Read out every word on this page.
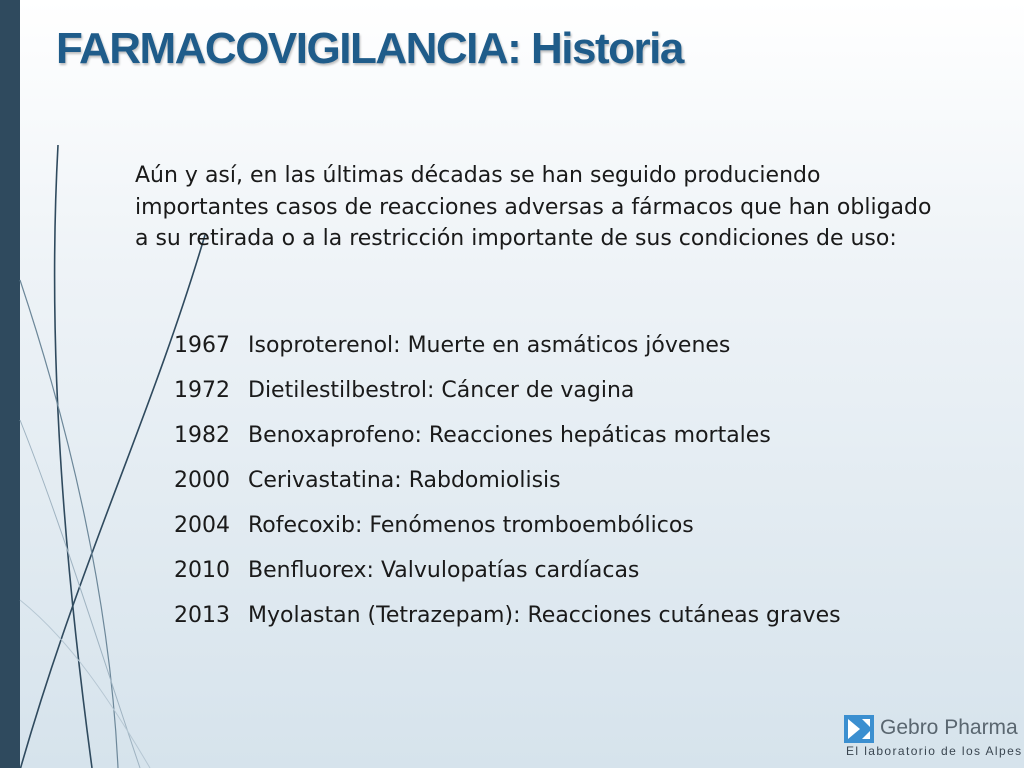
FARMACOVIGILANCIA: Historia

Aún y así, en las últimas décadas se han seguido produciendo importantes casos de reacciones adversas a fármacos que han obligado a su retirada o a la restricción importante de sus condiciones de uso:

1967 Isoproterenol: Muerte en asmáticos jóvenes
1972 Dietilestilbestrol: Cáncer de vagina
1982 Benoxaprofeno: Reacciones hepáticas mortales
2000 Cerivastatina: Rabdomiolisis
2004 Rofecoxib: Fenómenos tromboembólicos
2010 Benfluorex: Valvulopatías cardíacas
2013 Myolastan (Tetrazepam): Reacciones cutáneas graves
Gebro Pharma
El laboratorio de los Alpes
